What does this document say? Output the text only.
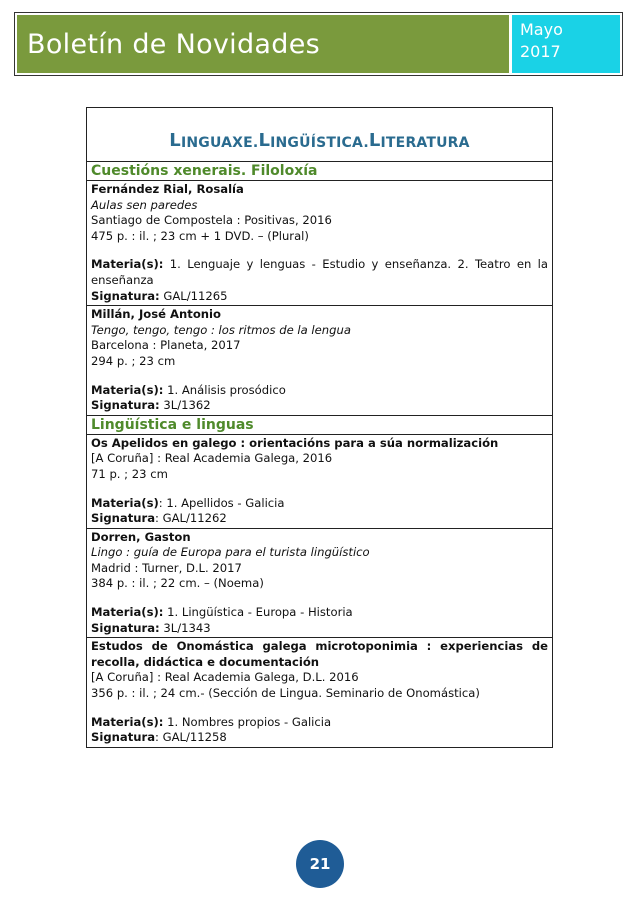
Boletín de Novidades	Mayo
2017
L INGUAXE. L INGÜÍSTICA. L ITERATURA
Cuestións xenerais. Filoloxía
Fernández Rial, Rosalía
Aulas sen paredes
Santiago de Compostela : Positivas, 2016
475 p. : il. ; 23 cm + 1 DVD. – (Plural)
Materia(s): 1. Lenguaje y lenguas - Estudio y enseñanza. 2. Teatro en la enseñanza
Signatura: GAL/11265
Millán, José Antonio
Tengo, tengo, tengo : los ritmos de la lengua
Barcelona : Planeta, 2017
294 p. ; 23 cm
Materia(s): 1. Análisis prosódico
Signatura: 3L/1362
Lingüística e linguas
Os Apelidos en galego : orientacións para a súa normalización
[A Coruña] : Real Academia Galega, 2016
71 p. ; 23 cm
Materia(s): 1. Apellidos - Galicia
Signatura: GAL/11262
Dorren, Gaston
Lingo : guía de Europa para el turista lingüístico
Madrid : Turner, D.L. 2017
384 p. : il. ; 22 cm. – (Noema)
Materia(s): 1. Lingüística - Europa - Historia
Signatura: 3L/1343
Estudos de Onomástica galega microtoponimia : experiencias de recolla, didáctica e documentación
[A Coruña] : Real Academia Galega, D.L. 2016
356 p. : il. ; 24 cm.- (Sección de Lingua. Seminario de Onomástica)
Materia(s): 1. Nombres propios - Galicia
Signatura: GAL/11258
21
